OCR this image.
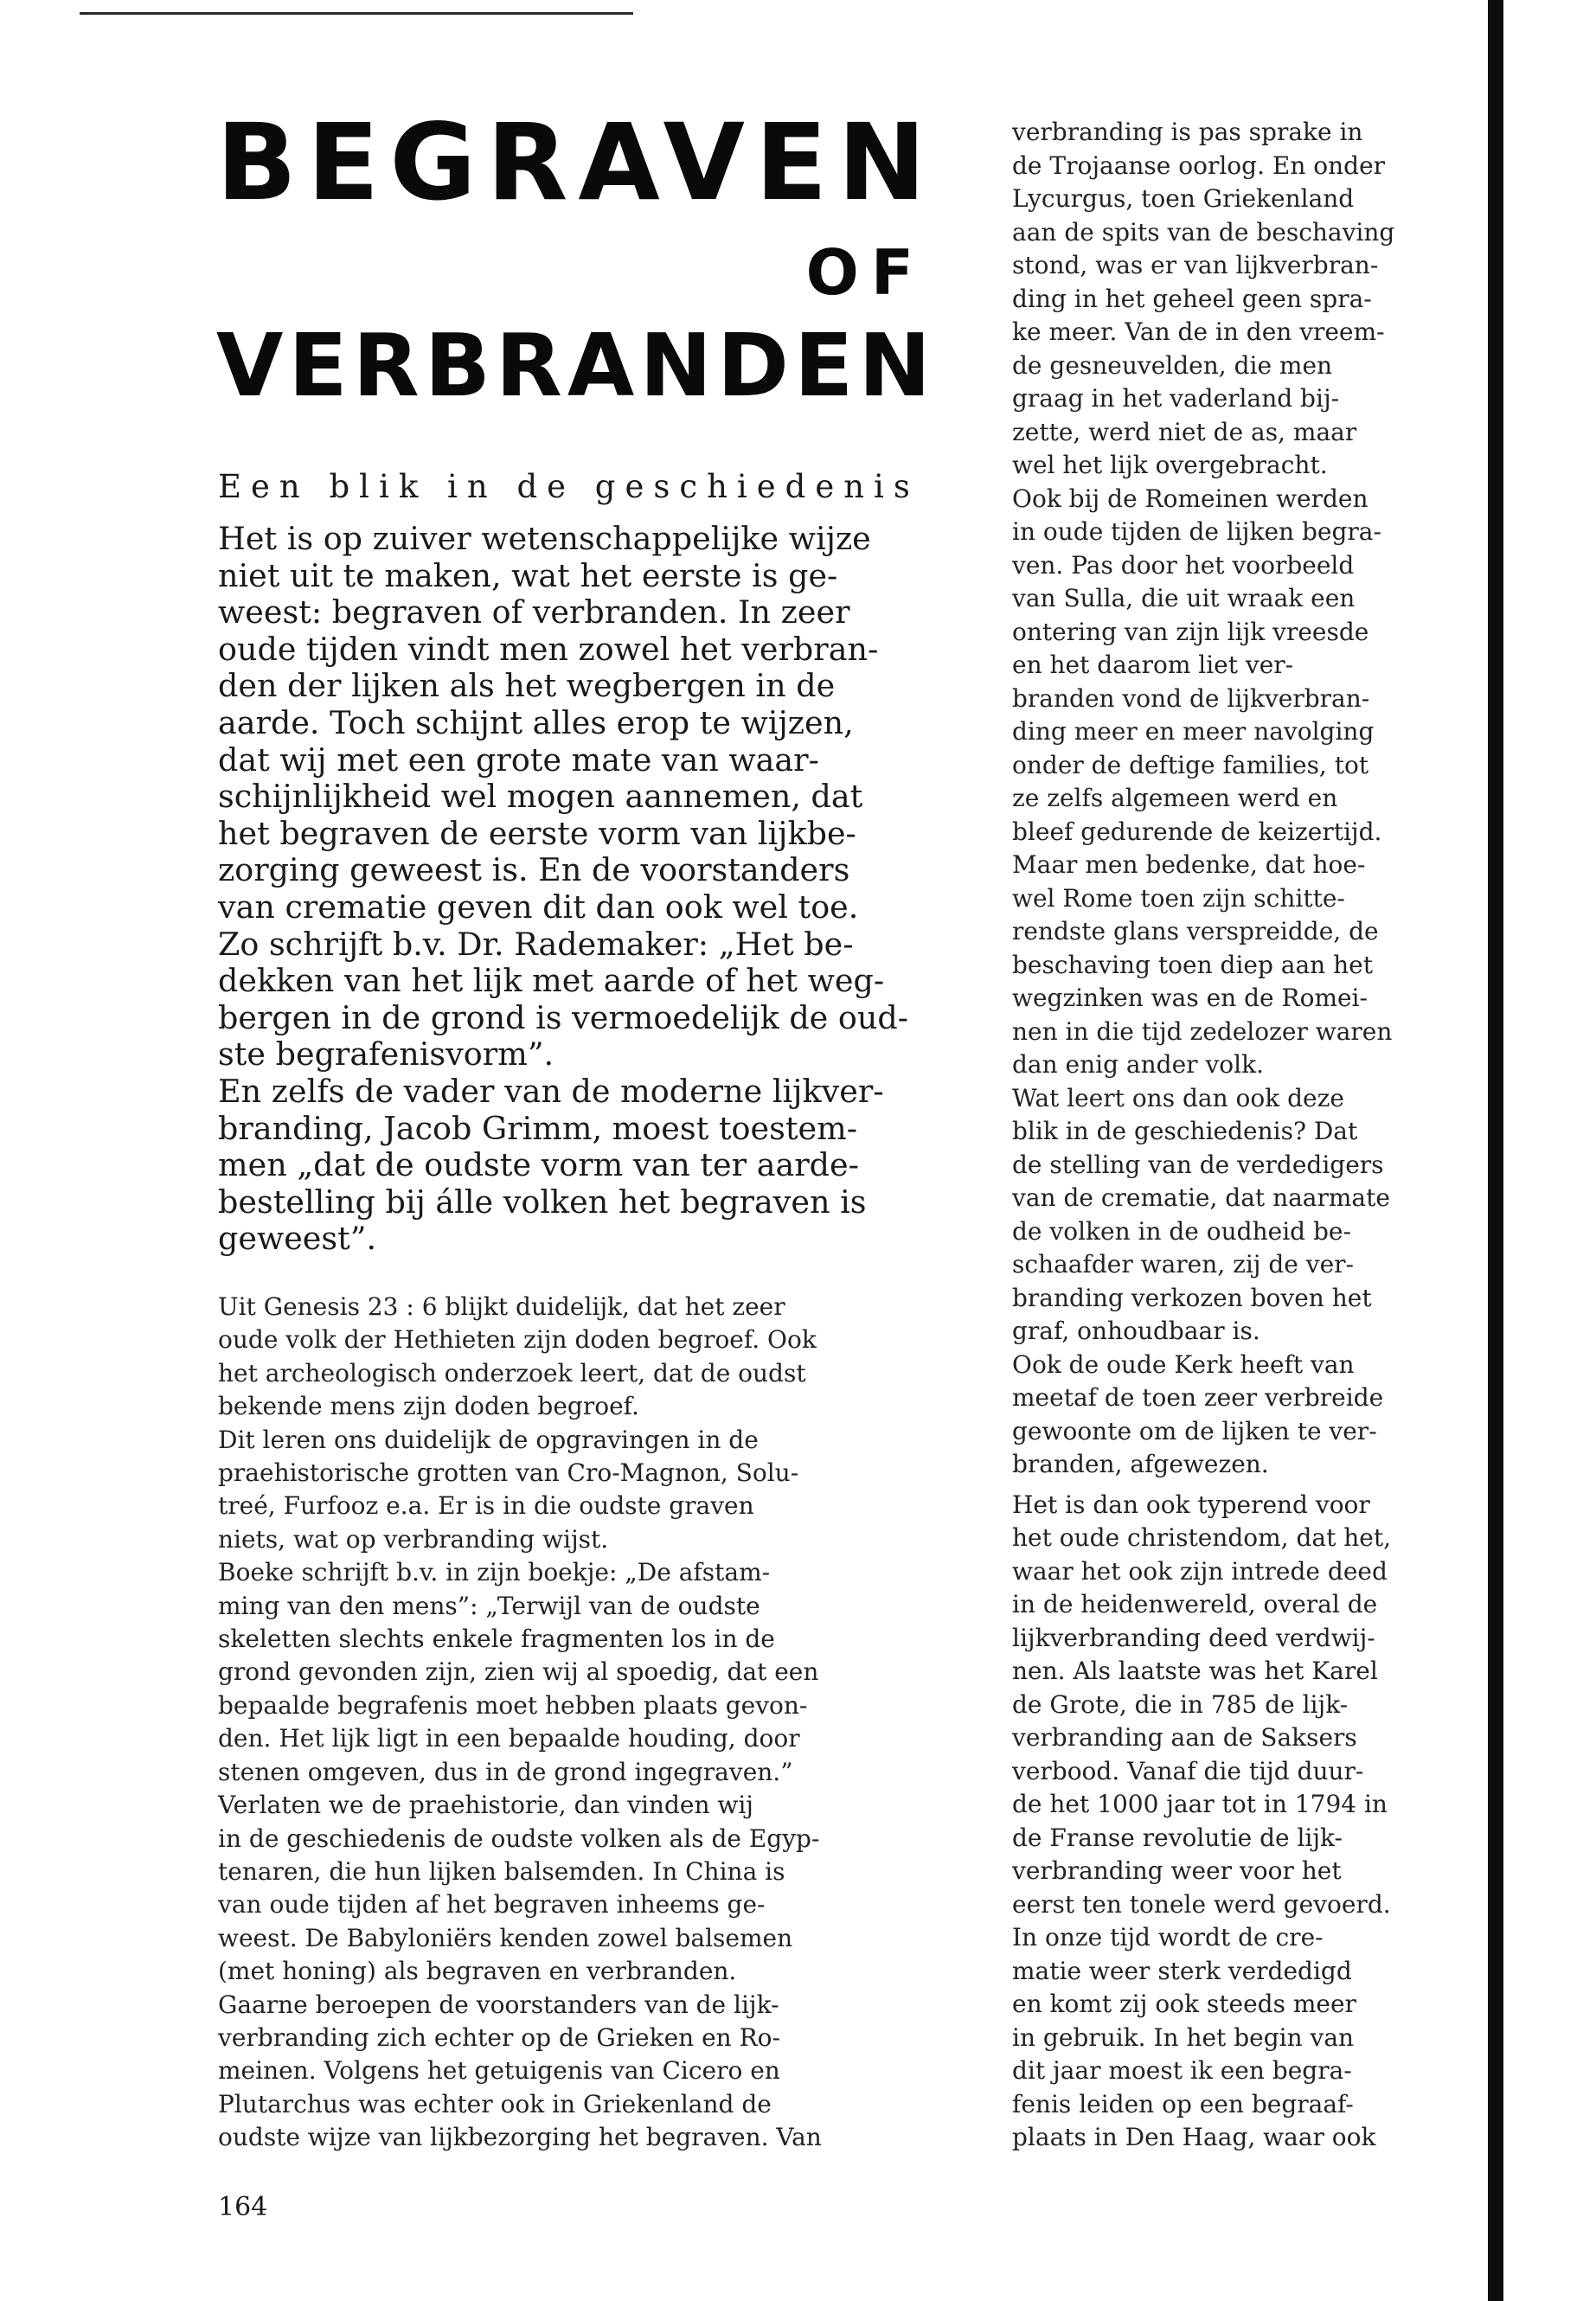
BEGRAVEN
OF
VERBRANDEN

Een blik in de geschiedenis

Het is op zuiver wetenschappelijke wijze

niet uit te maken, wat het eerste is ge-

weest: begraven of verbranden. In zeer

oude tijden vindt men zowel het verbran-

den der lijken als het wegbergen in de

aarde. Toch schijnt alles erop te wijzen,

dat wij met een grote mate van waar-

schijnlijkheid wel mogen aannemen, dat

het begraven de eerste vorm van lijkbe-

zorging geweest is. En de voorstanders

van crematie geven dit dan ook wel toe.

Zo schrijft b.v. Dr. Rademaker: „Het be-

dekken van het lijk met aarde of het weg-

bergen in de grond is vermoedelijk de oud-

ste begrafenisvorm”.

En zelfs de vader van de moderne lijkver-

branding, Jacob Grimm, moest toestem-

men „dat de oudste vorm van ter aarde-

bestelling bij álle volken het begraven is

geweest”.

Uit Genesis 23 : 6 blijkt duidelijk, dat het zeer

oude volk der Hethieten zijn doden begroef. Ook

het archeologisch onderzoek leert, dat de oudst

bekende mens zijn doden begroef.

Dit leren ons duidelijk de opgravingen in de

praehistorische grotten van Cro-Magnon, Solu-

treé, Furfooz e.a. Er is in die oudste graven

niets, wat op verbranding wijst.

Boeke schrijft b.v. in zijn boekje: „De afstam-

ming van den mens”: „Terwijl van de oudste

skeletten slechts enkele fragmenten los in de

grond gevonden zijn, zien wij al spoedig, dat een

bepaalde begrafenis moet hebben plaats gevon-

den. Het lijk ligt in een bepaalde houding, door

stenen omgeven, dus in de grond ingegraven.”

Verlaten we de praehistorie, dan vinden wij

in de geschiedenis de oudste volken als de Egyp-

tenaren, die hun lijken balsemden. In China is

van oude tijden af het begraven inheems ge-

weest. De Babyloniërs kenden zowel balsemen

(met honing) als begraven en verbranden.

Gaarne beroepen de voorstanders van de lijk-

verbranding zich echter op de Grieken en Ro-

meinen. Volgens het getuigenis van Cicero en

Plutarchus was echter ook in Griekenland de

oudste wijze van lijkbezorging het begraven. Van

verbranding is pas sprake in

de Trojaanse oorlog. En onder

Lycurgus, toen Griekenland

aan de spits van de beschaving

stond, was er van lijkverbran-

ding in het geheel geen spra-

ke meer. Van de in den vreem-

de gesneuvelden, die men

graag in het vaderland bij-

zette, werd niet de as, maar

wel het lijk overgebracht.

Ook bij de Romeinen werden

in oude tijden de lijken begra-

ven. Pas door het voorbeeld

van Sulla, die uit wraak een

ontering van zijn lijk vreesde

en het daarom liet ver-

branden vond de lijkverbran-

ding meer en meer navolging

onder de deftige families, tot

ze zelfs algemeen werd en

bleef gedurende de keizertijd.

Maar men bedenke, dat hoe-

wel Rome toen zijn schitte-

rendste glans verspreidde, de

beschaving toen diep aan het

wegzinken was en de Romei-

nen in die tijd zedelozer waren

dan enig ander volk.

Wat leert ons dan ook deze

blik in de geschiedenis? Dat

de stelling van de verdedigers

van de crematie, dat naarmate

de volken in de oudheid be-

schaafder waren, zij de ver-

branding verkozen boven het

graf, onhoudbaar is.

Ook de oude Kerk heeft van

meetaf de toen zeer verbreide

gewoonte om de lijken te ver-

branden, afgewezen.

Het is dan ook typerend voor

het oude christendom, dat het,

waar het ook zijn intrede deed

in de heidenwereld, overal de

lijkverbranding deed verdwij-

nen. Als laatste was het Karel

de Grote, die in 785 de lijk-

verbranding aan de Saksers

verbood. Vanaf die tijd duur-

de het 1000 jaar tot in 1794 in

de Franse revolutie de lijk-

verbranding weer voor het

eerst ten tonele werd gevoerd.

In onze tijd wordt de cre-

matie weer sterk verdedigd

en komt zij ook steeds meer

in gebruik. In het begin van

dit jaar moest ik een begra-

fenis leiden op een begraaf-

plaats in Den Haag, waar ook

164
